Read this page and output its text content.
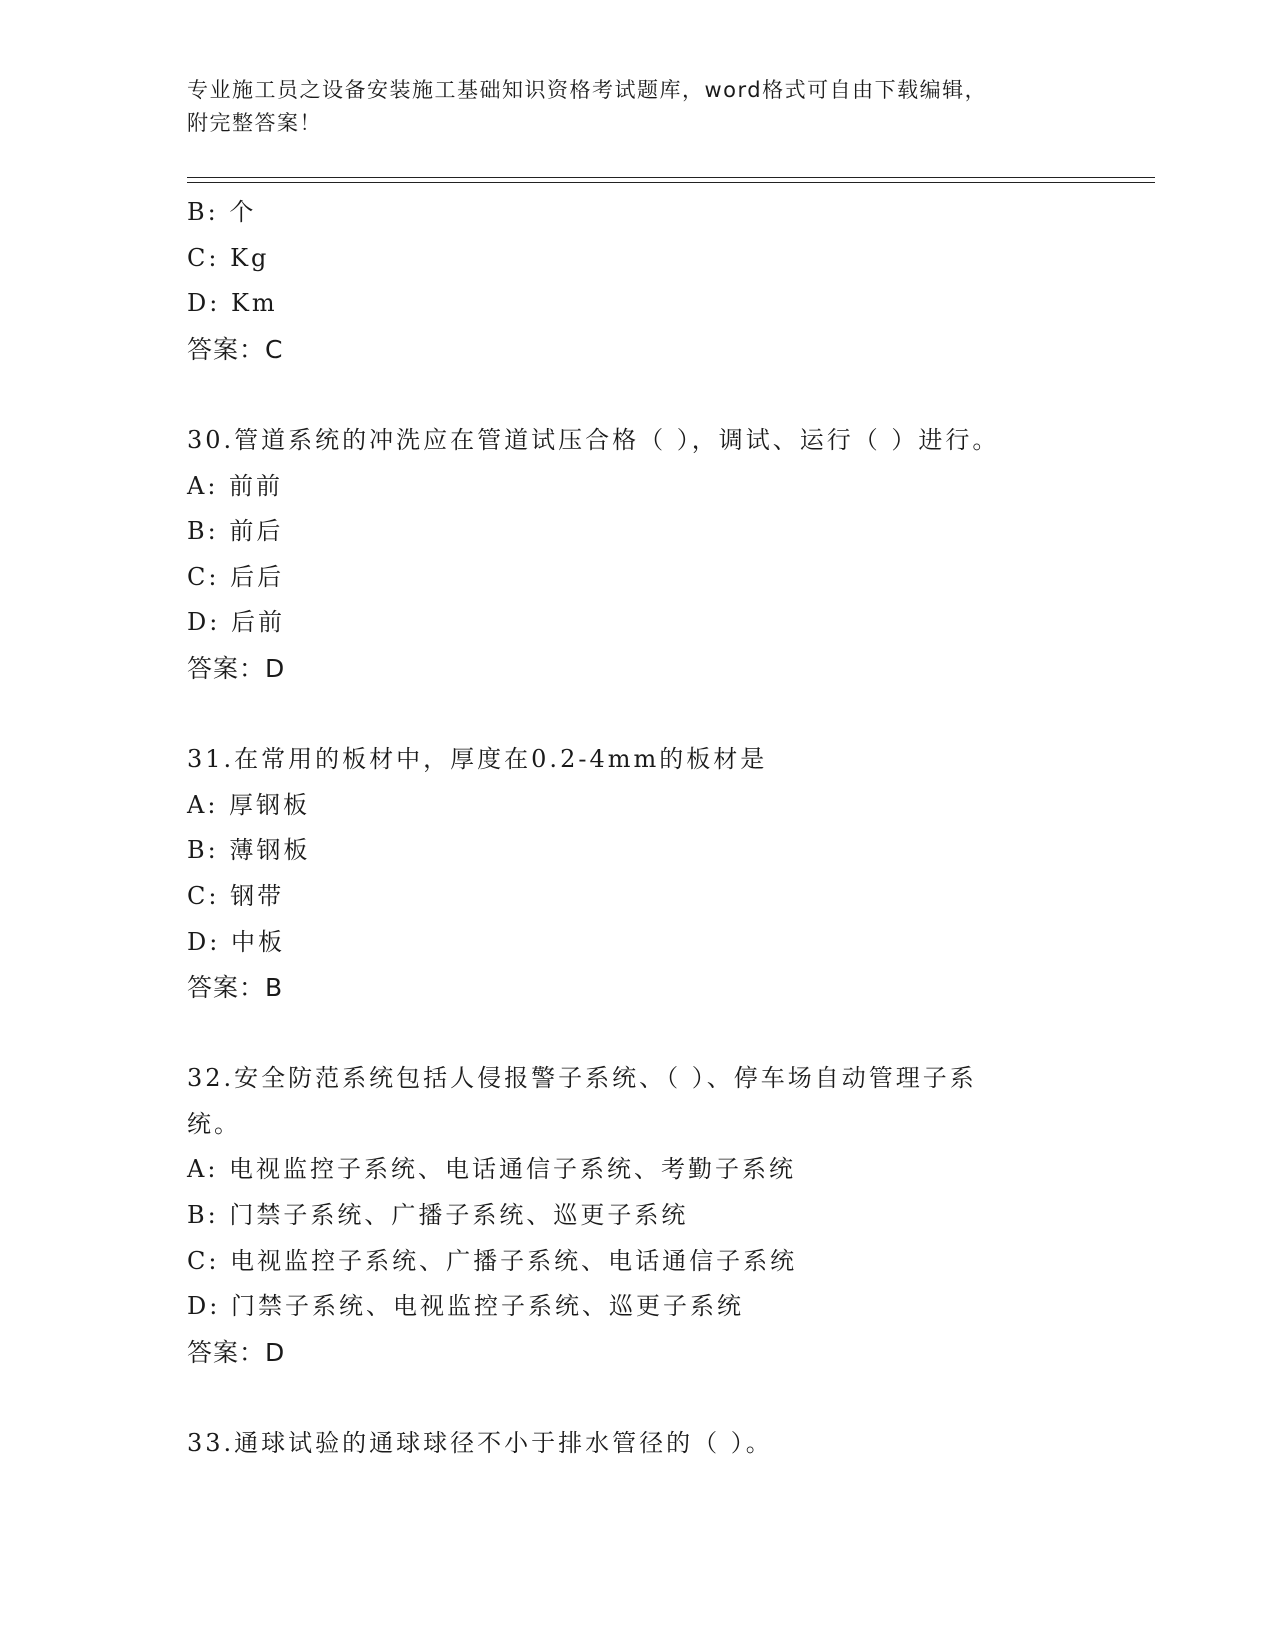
专业施工员之设备安装施工基础知识资格考试题库，word格式可自由下载编辑，
附完整答案！
B: 个
C: Kg
D: Km
答案：C
30.管道系统的冲洗应在管道试压合格（ ），调试、运行（ ）进行。
A: 前前
B: 前后
C: 后后
D: 后前
答案：D
31.在常用的板材中，厚度在0.2-4mm的板材是
A: 厚钢板
B: 薄钢板
C: 钢带
D: 中板
答案：B
32.安全防范系统包括人侵报警子系统、（ ）、停车场自动管理子系
统。
A: 电视监控子系统、电话通信子系统、考勤子系统
B: 门禁子系统、广播子系统、巡更子系统
C: 电视监控子系统、广播子系统、电话通信子系统
D: 门禁子系统、电视监控子系统、巡更子系统
答案：D
33.通球试验的通球球径不小于排水管径的（ ）。
